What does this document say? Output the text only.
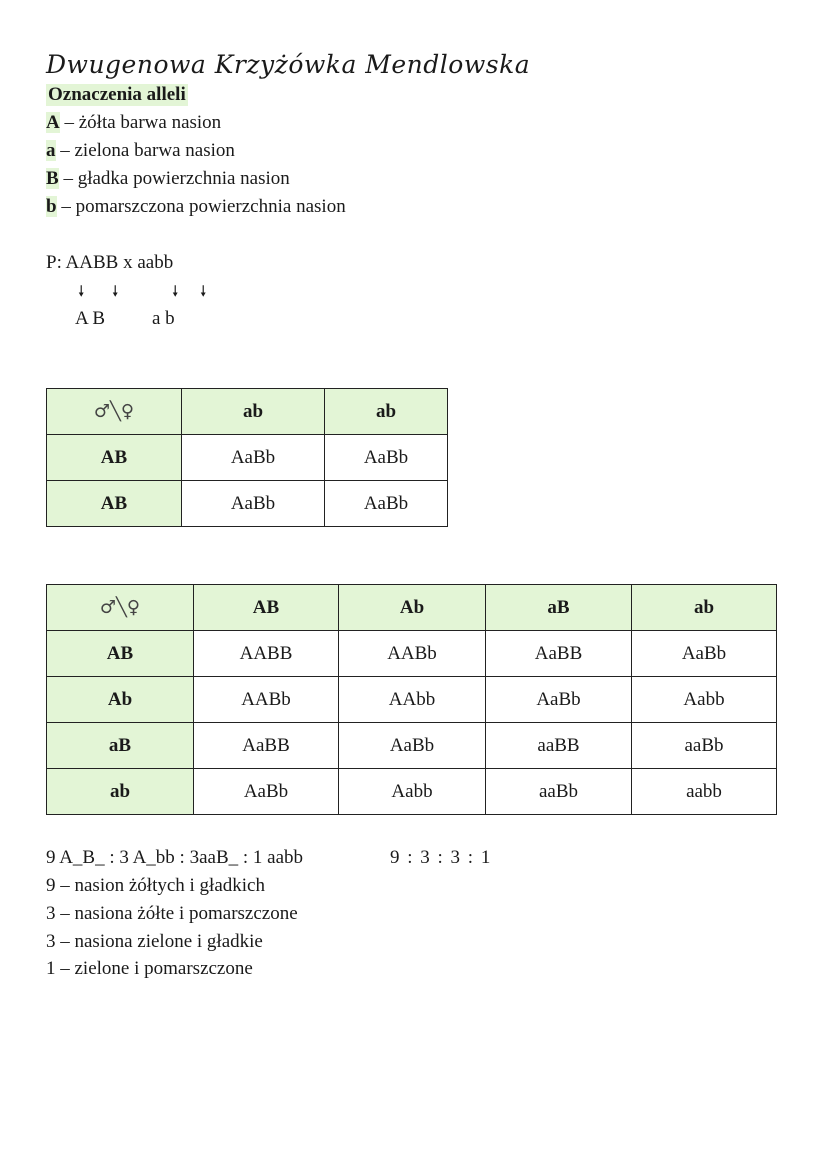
Dwugenowa Krzyżówka Mendlowska
Oznaczenia alleli
A – żółta barwa nasion
a – zielona barwa nasion
B – gładka powierzchnia nasion
b – pomarszczona powierzchnia nasion
P: AABB x aabb
🠗 🠗	🠗 🠗
A B a b
♂╲♀	ab	ab
AB	AaBb	AaBb
AB	AaBb	AaBb
♂╲♀	AB	Ab	aB	ab
AB	AABB	AABb	AaBB	AaBb
Ab	AABb	AAbb	AaBb	Aabb
aB	AaBB	AaBb	aaBB	aaBb
ab	AaBb	Aabb	aaBb	aabb
9 A_B_ : 3 A_bb : 3aaB_ : 1 aabb	9 : 3 : 3 : 1
9 – nasion żółtych i gładkich
3 – nasiona żółte i pomarszczone
3 – nasiona zielone i gładkie
1 – zielone i pomarszczone
